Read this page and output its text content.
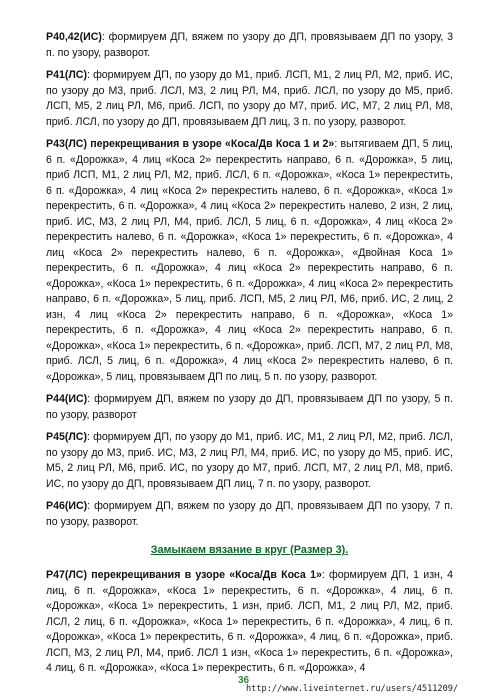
Р40,42(ИС): формируем ДП, вяжем по узору до ДП, провязываем ДП по узору, 3 п. по узору, разворот.

Р41(ЛС): формируем ДП, по узору до М1, приб. ЛСП, М1, 2 лиц РЛ, М2, приб. ИС, по узору до М3, приб. ЛСЛ, М3, 2 лиц РЛ, М4, приб. ЛСЛ, по узору до М5, приб. ЛСП, М5, 2 лиц РЛ, М6, приб. ЛСП, по узору до М7, приб. ИС, М7, 2 лиц РЛ, М8, приб. ЛСЛ, по узору до ДП, провязываем ДП лиц, 3 п. по узору, разворот.

Р43(ЛС) перекрещивания в узоре «Коса/Дв Коса 1 и 2»: вытягиваем ДП, 5 лиц, 6 п. «Дорожка», 4 лиц «Коса 2» перекрестить направо, 6 п. «Дорожка», 5 лиц, приб ЛСП, М1, 2 лиц РЛ, М2, приб. ЛСЛ, 6 п. «Дорожка», «Коса 1» перекрестить, 6 п. «Дорожка», 4 лиц «Коса 2» перекрестить налево, 6 п. «Дорожка», «Коса 1» перекрестить, 6 п. «Дорожка», 4 лиц «Коса 2» перекрестить налево, 2 изн, 2 лиц, приб. ИС, М3, 2 лиц РЛ, М4, приб. ЛСЛ, 5 лиц, 6 п. «Дорожка», 4 лиц «Коса 2» перекрестить налево, 6 п. «Дорожка», «Коса 1» перекрестить, 6 п. «Дорожка», 4 лиц «Коса 2» перекрестить налево, 6 п. «Дорожка», «Двойная Коса 1» перекрестить, 6 п. «Дорожка», 4 лиц «Коса 2» перекрестить направо, 6 п. «Дорожка», «Коса 1» перекрестить, 6 п. «Дорожка», 4 лиц «Коса 2» перекрестить направо, 6 п. «Дорожка», 5 лиц, приб. ЛСП, М5, 2 лиц РЛ, М6, приб. ИС, 2 лиц, 2 изн, 4 лиц «Коса 2» перекрестить направо, 6 п. «Дорожка», «Коса 1» перекрестить, 6 п. «Дорожка», 4 лиц «Коса 2» перекрестить направо, 6 п. «Дорожка», «Коса 1» перекрестить, 6 п. «Дорожка», приб. ЛСП, М7, 2 лиц РЛ, М8, приб. ЛСЛ, 5 лиц, 6 п. «Дорожка», 4 лиц «Коса 2» перекрестить налево, 6 п. «Дорожка», 5 лиц, провязываем ДП по лиц, 5 п. по узору, разворот.

Р44(ИС): формируем ДП, вяжем по узору до ДП, провязываем ДП по узору, 5 п. по узору, разворот

Р45(ЛС): формируем ДП, по узору до М1, приб. ИС, М1, 2 лиц РЛ, М2, приб. ЛСЛ, по узору до М3, приб. ИС, М3, 2 лиц РЛ, М4, приб. ИС, по узору до М5, приб. ИС, М5, 2 лиц РЛ, М6, приб. ИС, по узору до М7, приб. ЛСП, М7, 2 лиц РЛ, М8, приб. ИС, по узору до ДП, провязываем ДП лиц, 7 п. по узору, разворот.

Р46(ИС): формируем ДП, вяжем по узору до ДП, провязываем ДП по узору, 7 п. по узору, разворот.

Замыкаем вязание в круг (Размер 3).

Р47(ЛС) перекрещивания в узоре «Коса/Дв Коса 1»: формируем ДП, 1 изн, 4 лиц, 6 п. «Дорожка», «Коса 1» перекрестить, 6 п. «Дорожка», 4 лиц, 6 п. «Дорожка», «Коса 1» перекрестить, 1 изн, приб. ЛСП, М1, 2 лиц РЛ, М2, приб. ЛСЛ, 2 лиц, 6 п. «Дорожка», «Коса 1» перекрестить, 6 п. «Дорожка», 4 лиц, 6 п. «Дорожка», «Коса 1» перекрестить, 6 п. «Дорожка», 4 лиц, 6 п. «Дорожка», приб. ЛСП, М3, 2 лиц РЛ, М4, приб. ЛСЛ 1 изн, «Коса 1» перекрестить, 6 п. «Дорожка», 4 лиц, 6 п. «Дорожка», «Коса 1» перекрестить, 6 п. «Дорожка», 4

36
http://www.liveinternet.ru/users/4511209/
